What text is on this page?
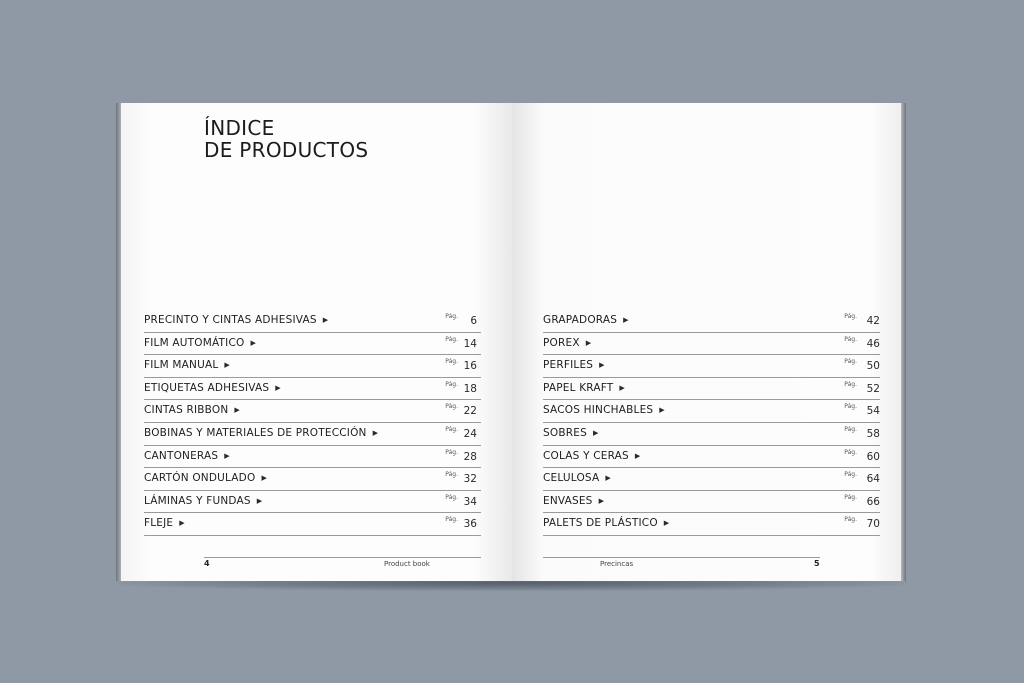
ÍNDICE
DE PRODUCTOS
PRECINTO Y CINTAS ADHESIVAS ▶	Pág. 6
FILM AUTOMÁTICO ▶	Pág. 14
FILM MANUAL ▶	Pág. 16
ETIQUETAS ADHESIVAS ▶	Pág. 18
CINTAS RIBBON ▶	Pág. 22
BOBINAS Y MATERIALES DE PROTECCIÓN ▶	Pág. 24
CANTONERAS ▶	Pág. 28
CARTÓN ONDULADO ▶	Pág. 32
LÁMINAS Y FUNDAS ▶	Pág. 34
FLEJE ▶	Pág. 36
GRAPADORAS ▶	Pág. 42
POREX ▶	Pág. 46
PERFILES ▶	Pág. 50
PAPEL KRAFT ▶	Pág. 52
SACOS HINCHABLES ▶	Pág. 54
SOBRES ▶	Pág. 58
COLAS Y CERAS ▶	Pág. 60
CELULOSA ▶	Pág. 64
ENVASES ▶	Pág. 66
PALETS DE PLÁSTICO ▶	Pág. 70
4	Product book	Precincas	5
